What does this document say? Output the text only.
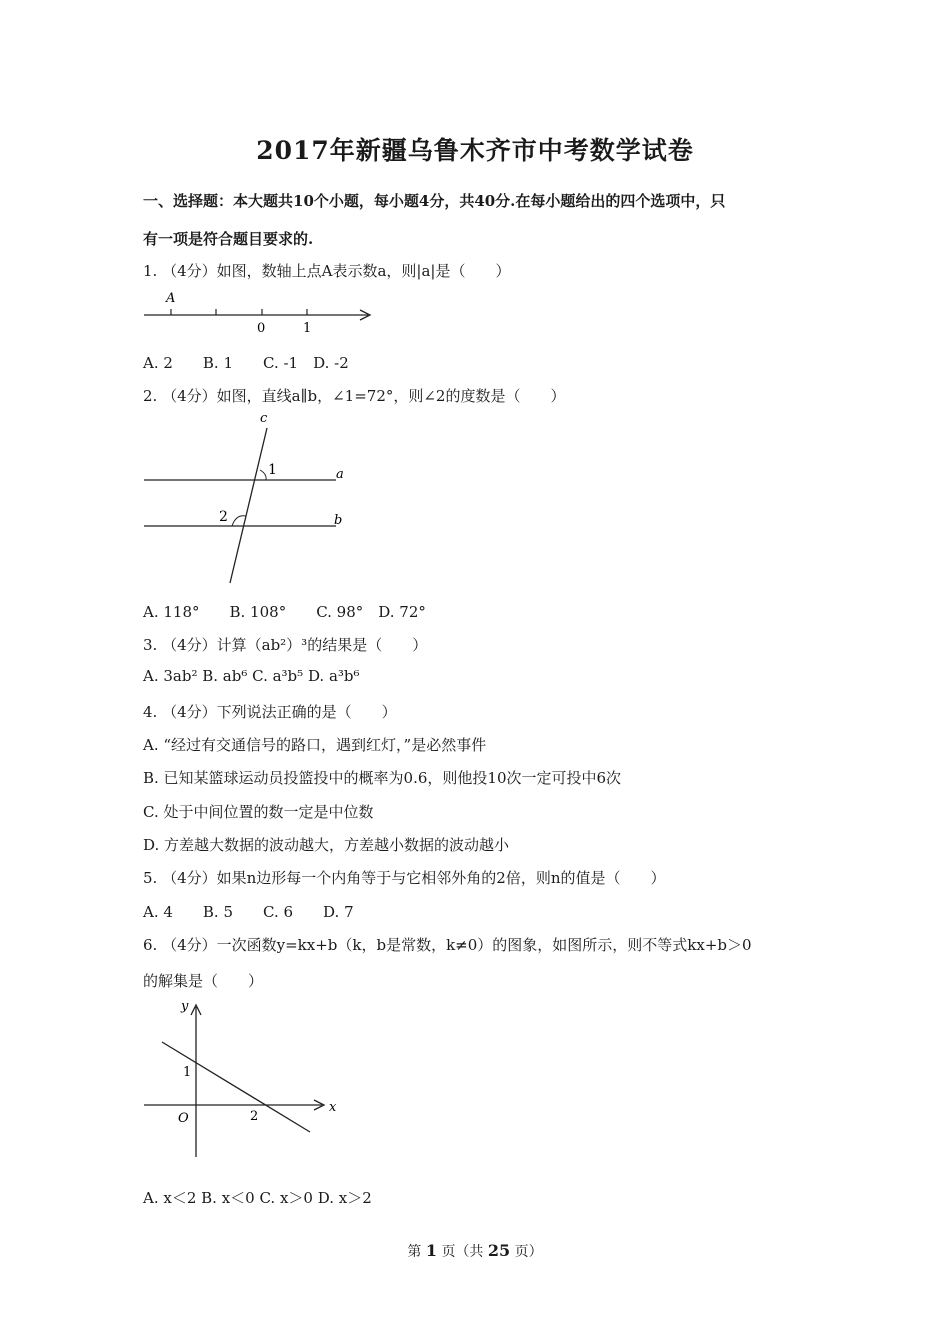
2017年新疆乌鲁木齐市中考数学试卷
一、选择题：本大题共10个小题，每小题4分，共40分.在每小题给出的四个选项中，只
有一项是符合题目要求的.
1. （4分）如图，数轴上点A表示数a，则|a|是（　　）
A
0	1
A. 2　　B. 1　　C. -1　D. -2
2. （4分）如图，直线a∥b，∠1=72°，则∠2的度数是（　　）
c
a
b
1
2
A. 118°　　B. 108°　　C. 98°　D. 72°
3. （4分）计算（ab²）³的结果是（　　）
A. 3ab² B. ab⁶ C. a³b⁵ D. a³b⁶
4. （4分）下列说法正确的是（　　）
A. “经过有交通信号的路口，遇到红灯，”是必然事件
B. 已知某篮球运动员投篮投中的概率为0.6，则他投10次一定可投中6次
C. 处于中间位置的数一定是中位数
D. 方差越大数据的波动越大，方差越小数据的波动越小
5. （4分）如果n边形每一个内角等于与它相邻外角的2倍，则n的值是（　　）
A. 4　　B. 5　　C. 6　　D. 7
6. （4分）一次函数y=kx+b（k，b是常数，k≠0）的图象，如图所示，则不等式kx+b＞0
的解集是（　　）
y
x
O
1
2
A. x＜2 B. x＜0 C. x＞0 D. x＞2
第 1 页（共 25 页）
